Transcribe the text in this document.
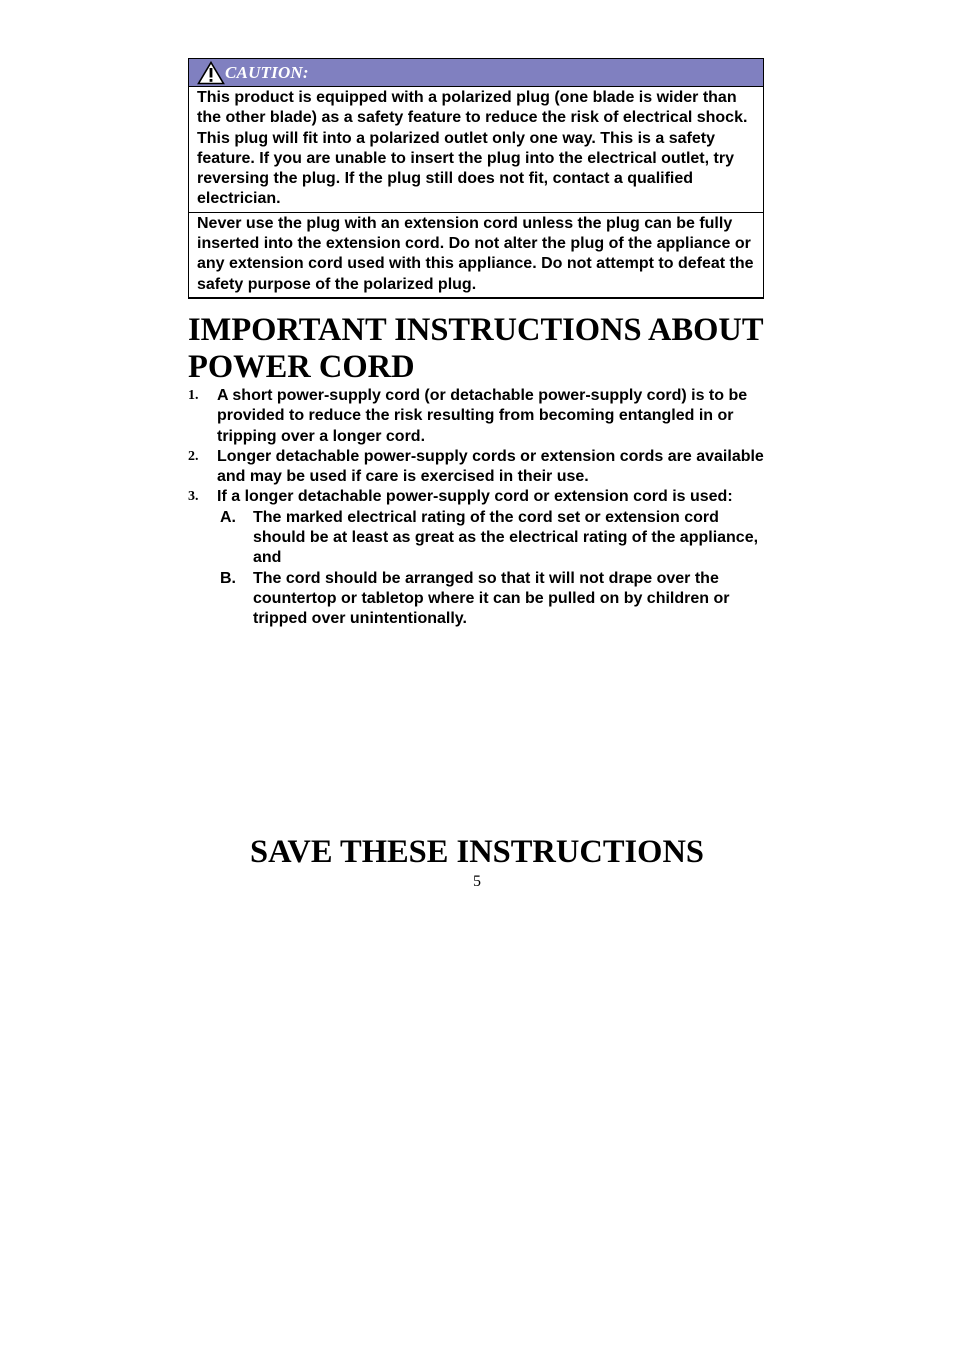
CAUTION:
This product is equipped with a polarized plug (one blade is wider than the other blade) as a safety feature to reduce the risk of electrical shock. This plug will fit into a polarized outlet only one way. This is a safety feature. If you are unable to insert the plug into the electrical outlet, try reversing the plug. If the plug still does not fit, contact a qualified electrician.
Never use the plug with an extension cord unless the plug can be fully inserted into the extension cord. Do not alter the plug of the appliance or any extension cord used with this appliance. Do not attempt to defeat the safety purpose of the polarized plug.
IMPORTANT INSTRUCTIONS ABOUT POWER CORD
1.	A short power-supply cord (or detachable power-supply cord) is to be provided to reduce the risk resulting from becoming entangled in or tripping over a longer cord.
2.	Longer detachable power-supply cords or extension cords are available and may be used if care is exercised in their use.
3.	If a longer detachable power-supply cord or extension cord is used:
A.	The marked electrical rating of the cord set or extension cord should be at least as great as the electrical rating of the appliance, and
B.	The cord should be arranged so that it will not drape over the countertop or tabletop where it can be pulled on by children or tripped over unintentionally.
SAVE THESE INSTRUCTIONS
5
